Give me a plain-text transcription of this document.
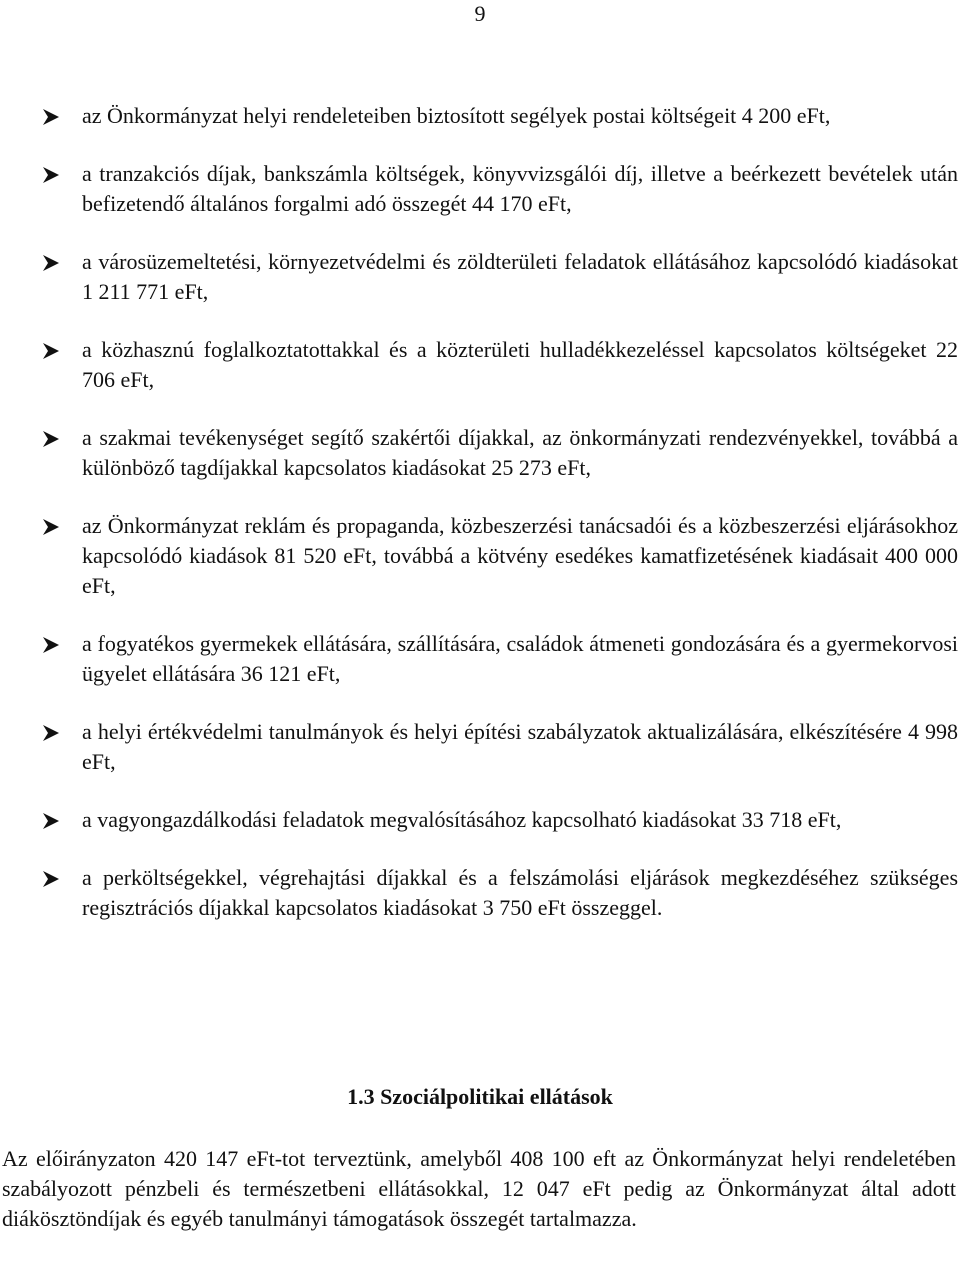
9
az Önkormányzat helyi rendeleteiben biztosított segélyek postai költségeit 4 200 eFt,
a tranzakciós díjak, bankszámla költségek, könyvvizsgálói díj, illetve a beérkezett bevételek után befizetendő általános forgalmi adó összegét 44 170 eFt,
a városüzemeltetési, környezetvédelmi és zöldterületi feladatok ellátásához kapcsolódó kiadásokat 1 211 771 eFt,
a közhasznú foglalkoztatottakkal és a közterületi hulladékkezeléssel kapcsolatos költségeket 22 706 eFt,
a szakmai tevékenységet segítő szakértői díjakkal, az önkormányzati rendezvényekkel, továbbá a különböző tagdíjakkal kapcsolatos kiadásokat 25 273 eFt,
az Önkormányzat reklám és propaganda, közbeszerzési tanácsadói és a közbeszerzési eljárásokhoz kapcsolódó kiadások 81 520 eFt, továbbá a kötvény esedékes kamatfizetésének kiadásait 400 000 eFt,
a fogyatékos gyermekek ellátására, szállítására, családok átmeneti gondozására és a gyermekorvosi ügyelet ellátására 36 121 eFt,
a helyi értékvédelmi tanulmányok és helyi építési szabályzatok aktualizálására, elkészítésére 4 998 eFt,
a vagyongazdálkodási feladatok megvalósításához kapcsolható kiadásokat 33 718 eFt,
a perköltségekkel, végrehajtási díjakkal és a felszámolási eljárások megkezdéséhez szükséges regisztrációs díjakkal kapcsolatos kiadásokat 3 750 eFt összeggel.
1.3 Szociálpolitikai ellátások

Az előirányzaton 420 147 eFt-tot terveztünk, amelyből 408 100 eft az Önkormányzat helyi rendeletében szabályozott pénzbeli és természetbeni ellátásokkal, 12 047 eFt pedig az Önkormányzat által adott diákösztöndíjak és egyéb tanulmányi támogatások összegét tartalmazza.
